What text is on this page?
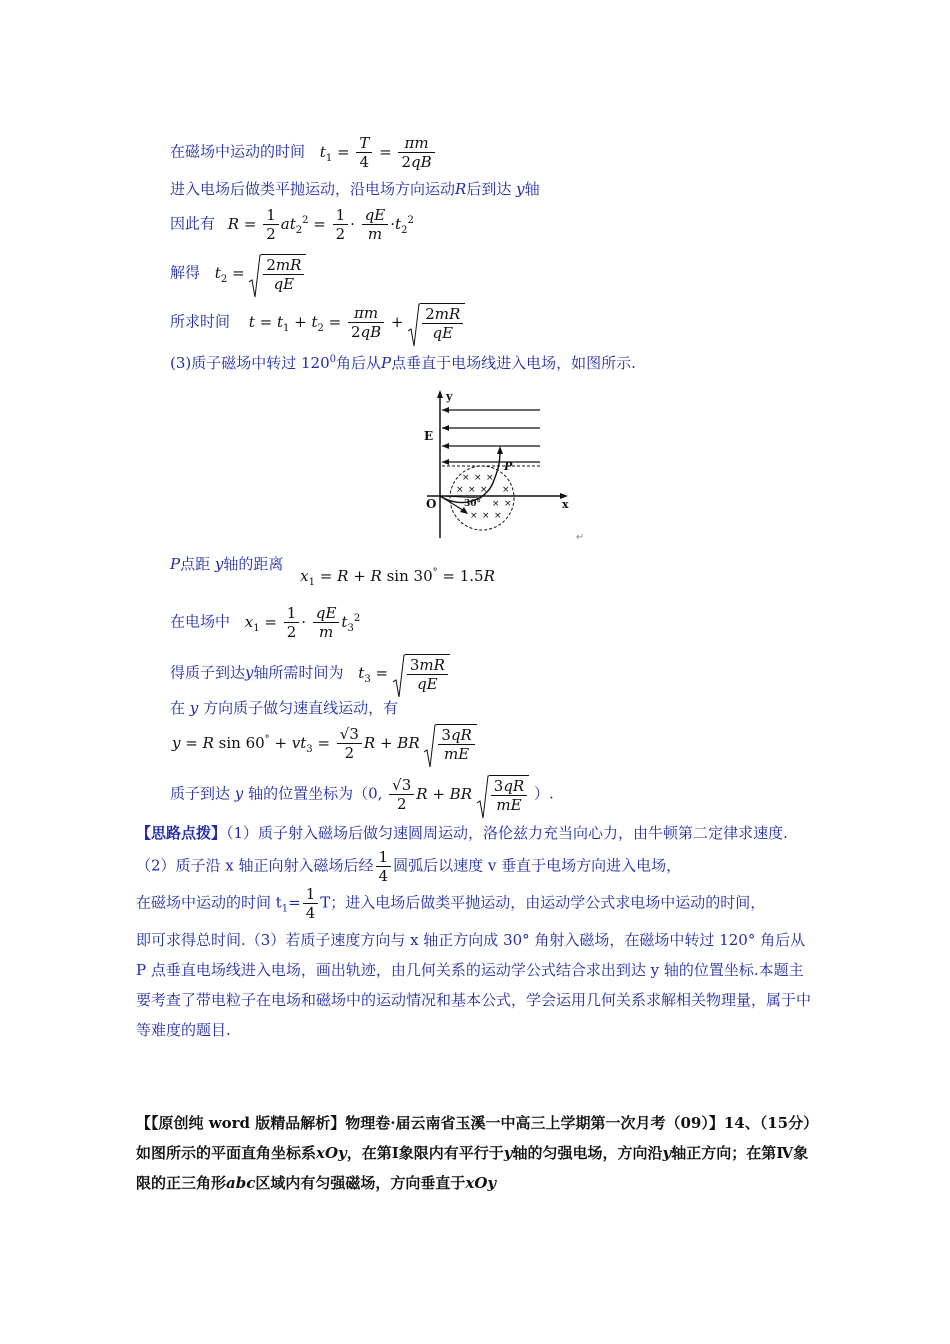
在磁场中运动的时间 $t_1 = \frac{T}{4} = \frac{\pi m}{2qB}$
进入电场后做类平抛运动，沿电场方向运动R后到达 y轴
因此有 $R = \frac{1}{2} at_2^2 = \frac{1}{2} \cdot \frac{qE}{m} \cdot t_2^2$
解得 $t_2 = \frac{2mR}{qE}$
所求时间 $t = t_1 + t_2 = \frac{\pi m}{2qB} + \frac{2mR}{qE}$
(3)质子磁场中转过 $120^0$角后从P点垂直于电场线进入电场，如图所示.
× × ×
× × × ×
× ×
× × ×
y
E
P
O	x
30°
↵
P点距 y轴的距离 $x_1 = R + R$ sin 30° = 1.5R
在电场中 $x_1 = \frac{1}{2} \cdot \frac{qE}{m} t_3^2$
得质子到达y轴所需时间为 $t_3 = \frac{3mR}{qE}$
在 y 方向质子做匀速直线运动，有
y = R $\sin 60^\circ + vt_3 = \frac{√3}{2}$ R + BR $\frac{3qR}{mE}$
质子到达 y 轴的位置坐标为（0, $\frac{√3}{2}$ R + BR $\frac{3qR}{mE}$ ）.
【思路点拨】（1）质子射入磁场后做匀速圆周运动，洛伦兹力充当向心力，由牛顿第二定律求速度.（2）质子沿 x 轴正向射入磁场后经 $\frac{1}{4}$ 圆弧后以速度 v 垂直于电场方向进入电场，
在磁场中运动的时间 $t_1= \frac{1}{4}$ T；进入电场后做类平抛运动，由运动学公式求电场中运动的时间，
即可求得总时间.（3）若质子速度方向与 x 轴正方向成 30° 角射入磁场，在磁场中转过 120° 角后从 P 点垂直电场线进入电场，画出轨迹，由几何关系的运动学公式结合求出到达 y 轴的位置坐标.本题主要考查了带电粒子在电场和磁场中的运动情况和基本公式，学会运用几何关系求解相关物理量，属于中等难度的题目.
【【原创纯 word 版精品解析】物理卷·届云南省玉溪一中高三上学期第一次月考（09）】14、（15分）如图所示的平面直角坐标系xOy，在第Ⅰ象限内有平行于y轴的匀强电场，方向沿y轴正方向；在第Ⅳ象限的正三角形abc区域内有匀强磁场，方向垂直于xOy
